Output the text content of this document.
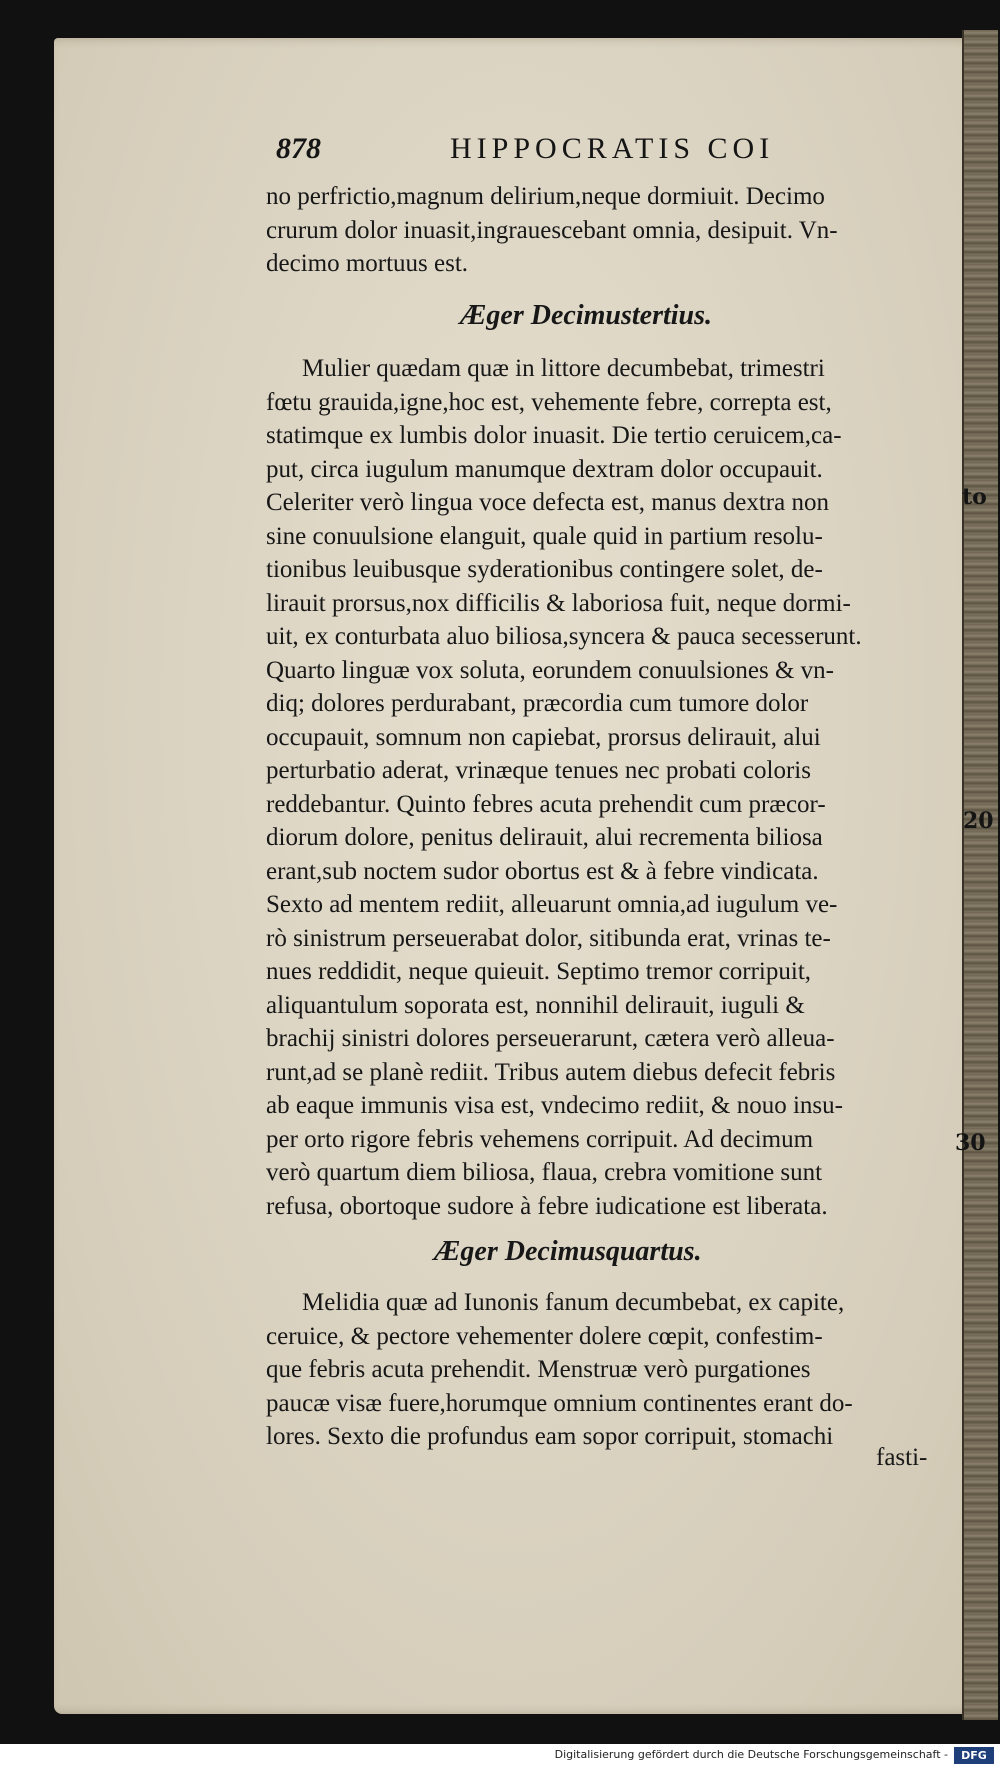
878	HIPPOCRATIS COI
no perfrictio,magnum delirium,neque dormiuit. Decimo
crurum dolor inuasit,ingrauescebant omnia, desipuit. Vn-
decimo mortuus est.
Æger Decimustertius.
Mulier quædam quæ in littore decumbebat, trimestri
fœtu grauida,igne,hoc est, vehemente febre, correpta est,
statimque ex lumbis dolor inuasit. Die tertio ceruicem,ca-
put, circa iugulum manumque dextram dolor occupauit.
Celeriter verò lingua voce defecta est, manus dextra non
sine conuulsione elanguit, quale quid in partium resolu-
tionibus leuibusque syderationibus contingere solet, de-
lirauit prorsus,nox difficilis & laboriosa fuit, neque dormi-
uit, ex conturbata aluo biliosa,syncera & pauca secesserunt.
Quarto linguæ vox soluta, eorundem conuulsiones & vn-
diq; dolores perdurabant, præcordia cum tumore dolor
occupauit, somnum non capiebat, prorsus delirauit, alui
perturbatio aderat, vrinæque tenues nec probati coloris
reddebantur. Quinto febres acuta prehendit cum præcor-
diorum dolore, penitus delirauit, alui recrementa biliosa
erant,sub noctem sudor obortus est & à febre vindicata.
Sexto ad mentem rediit, alleuarunt omnia,ad iugulum ve-
rò sinistrum perseuerabat dolor, sitibunda erat, vrinas te-
nues reddidit, neque quieuit. Septimo tremor corripuit,
aliquantulum soporata est, nonnihil delirauit, iuguli &
brachij sinistri dolores perseuerarunt, cætera verò alleua-
runt,ad se planè rediit. Tribus autem diebus defecit febris
ab eaque immunis visa est, vndecimo rediit, & nouo insu-
per orto rigore febris vehemens corripuit. Ad decimum
verò quartum diem biliosa, flaua, crebra vomitione sunt
refusa, obortoque sudore à febre iudicatione est liberata.
Æger Decimusquartus.
Melidia quæ ad Iunonis fanum decumbebat, ex capite,
ceruice, & pectore vehementer dolere cœpit, confestim-
que febris acuta prehendit. Menstruæ verò purgationes
paucæ visæ fuere,horumque omnium continentes erant do-
lores. Sexto die profundus eam sopor corripuit, stomachi
fasti-
to
20
30
Digitalisierung gefördert durch die Deutsche Forschungsgemeinschaft -	DFG
